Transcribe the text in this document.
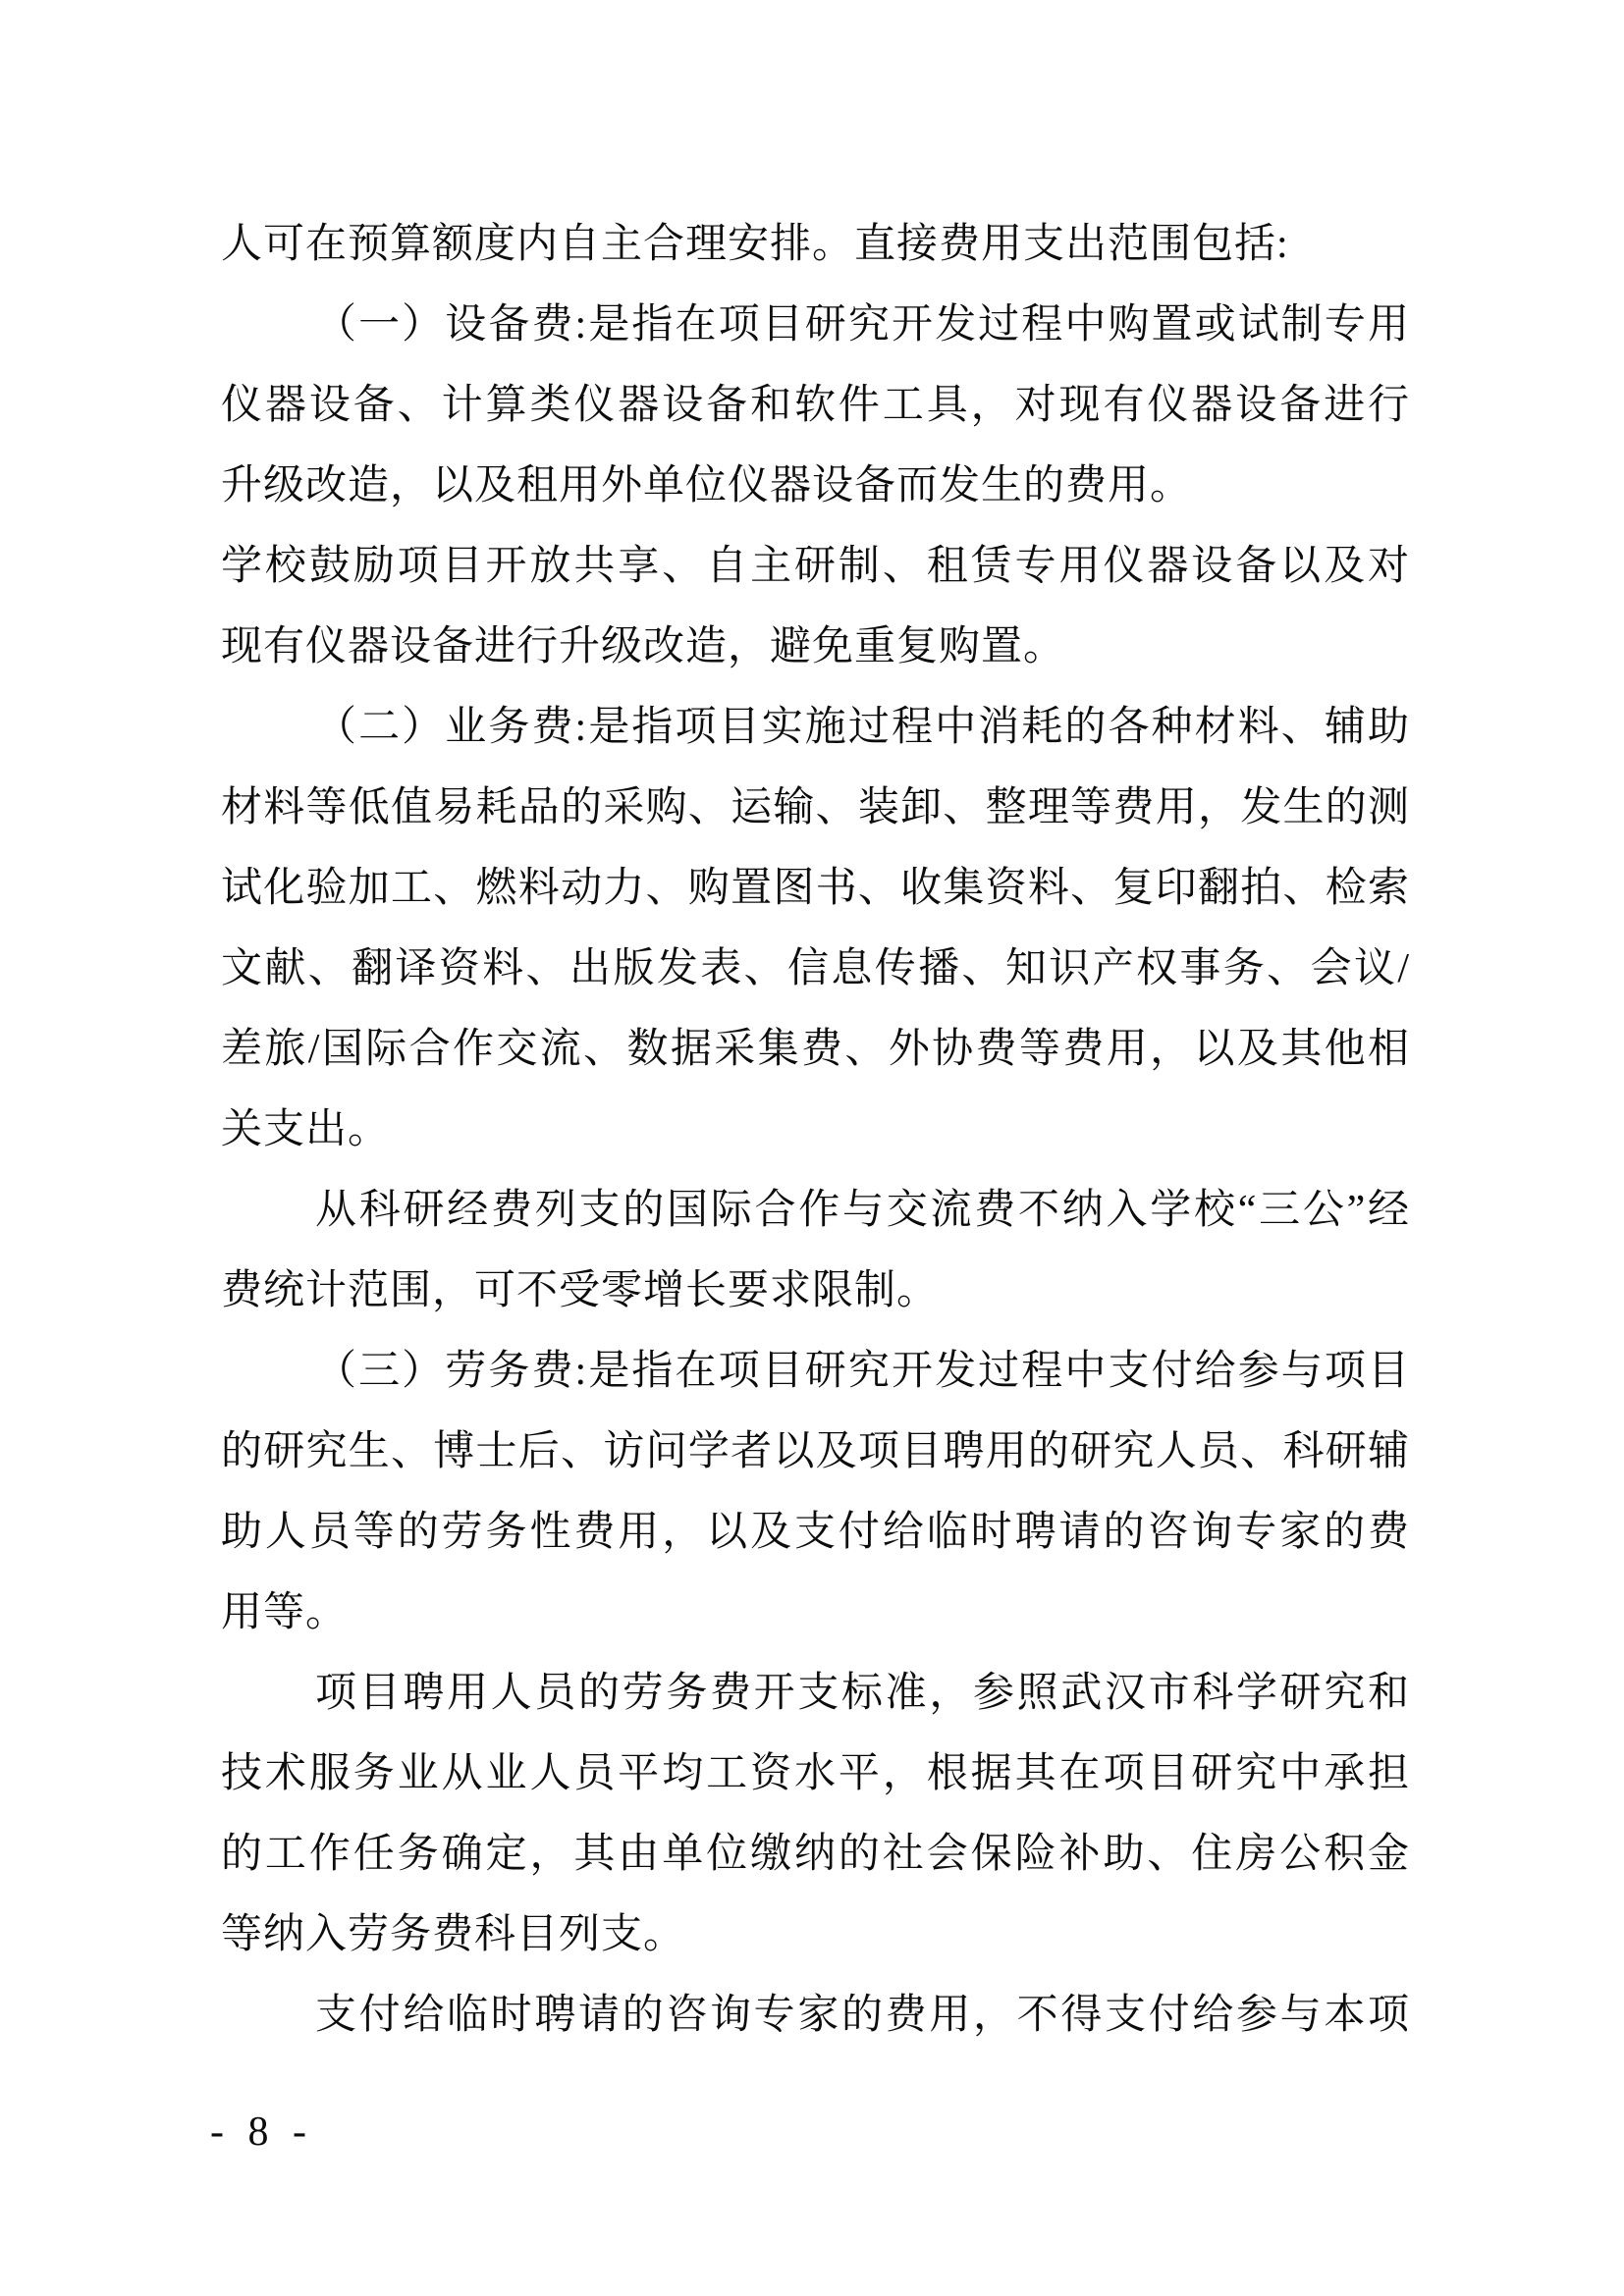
人可在预算额度内自主合理安排。直接费用支出范围包括:
（一）设备费:是指在项目研究开发过程中购置或试制专用
仪器设备、计算类仪器设备和软件工具，对现有仪器设备进行
升级改造，以及租用外单位仪器设备而发生的费用。
学校鼓励项目开放共享、自主研制、租赁专用仪器设备以及对
现有仪器设备进行升级改造，避免重复购置。
（二）业务费:是指项目实施过程中消耗的各种材料、辅助
材料等低值易耗品的采购、运输、装卸、整理等费用，发生的测
试化验加工、燃料动力、购置图书、收集资料、复印翻拍、检索
文献、翻译资料、出版发表、信息传播、知识产权事务、会议/
差旅/国际合作交流、数据采集费、外协费等费用，以及其他相
关支出。
从科研经费列支的国际合作与交流费不纳入学校“三公”经
费统计范围，可不受零增长要求限制。
（三）劳务费:是指在项目研究开发过程中支付给参与项目
的研究生、博士后、访问学者以及项目聘用的研究人员、科研辅
助人员等的劳务性费用，以及支付给临时聘请的咨询专家的费
用等。
项目聘用人员的劳务费开支标准，参照武汉市科学研究和
技术服务业从业人员平均工资水平，根据其在项目研究中承担
的工作任务确定，其由单位缴纳的社会保险补助、住房公积金
等纳入劳务费科目列支。
支付给临时聘请的咨询专家的费用，不得支付给参与本项
- 8 -
